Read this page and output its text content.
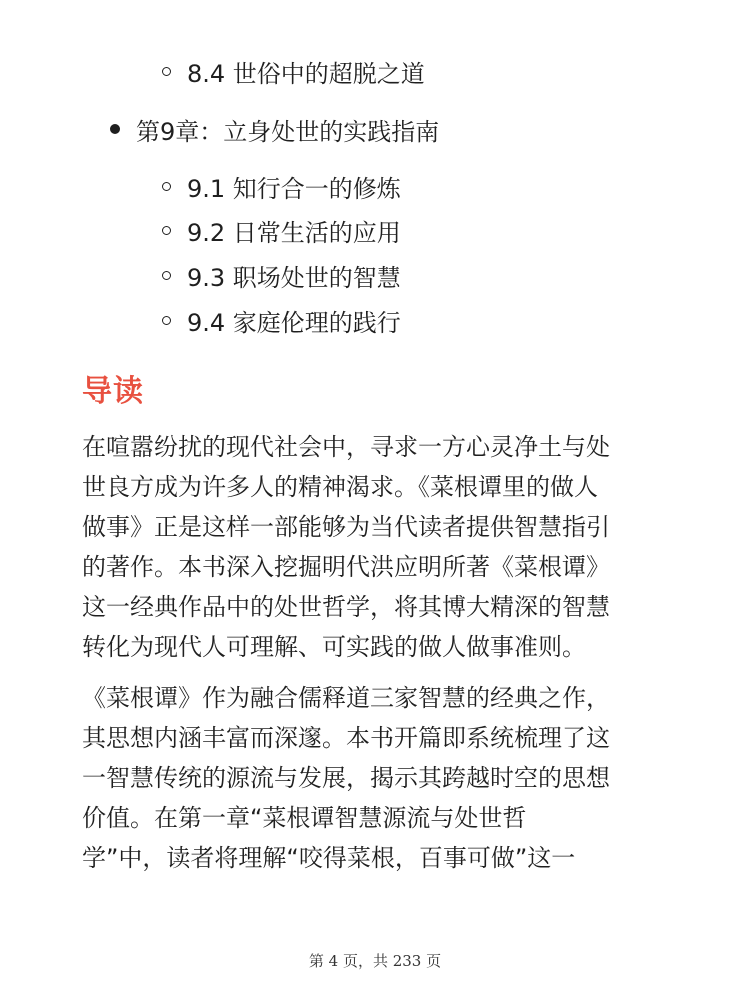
8.4 世俗中的超脱之道
第9章：立身处世的实践指南
9.1 知行合一的修炼
9.2 日常生活的应用
9.3 职场处世的智慧
9.4 家庭伦理的践行
导读
在喧嚣纷扰的现代社会中，寻求一方心灵净土与处
世良方成为许多人的精神渴求。《菜根谭里的做人
做事》正是这样一部能够为当代读者提供智慧指引
的著作。本书深入挖掘明代洪应明所著《菜根谭》
这一经典作品中的处世哲学，将其博大精深的智慧
转化为现代人可理解、可实践的做人做事准则。
《菜根谭》作为融合儒释道三家智慧的经典之作，
其思想内涵丰富而深邃。本书开篇即系统梳理了这
一智慧传统的源流与发展，揭示其跨越时空的思想
价值。在第一章“菜根谭智慧源流与处世哲
学”中，读者将理解“咬得菜根，百事可做”这一
第 4 页，共 233 页
